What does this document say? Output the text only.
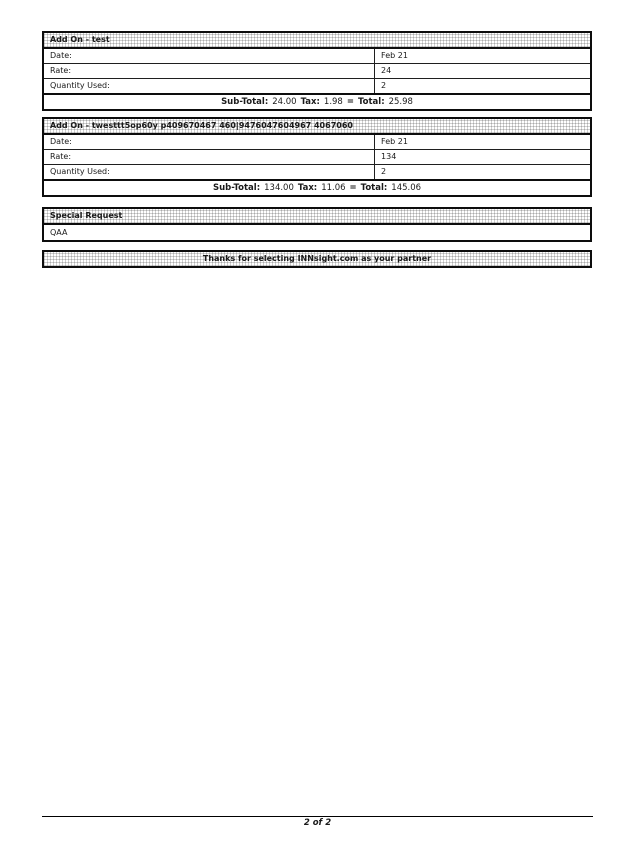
Add On - test	
Date:	Feb 21
Rate:	24
Quantity Used:	2
Sub-Total: 24.00 Tax: 1.98 = Total: 25.98	
Add On - twesttt5op60y p409670467 460|9476047604967 4067060	
Date:	Feb 21
Rate:	134
Quantity Used:	2
Sub-Total: 134.00 Tax: 11.06 = Total: 145.06	
Special Request
QAA
Thanks for selecting INNsight.com as your partner
2 of 2
